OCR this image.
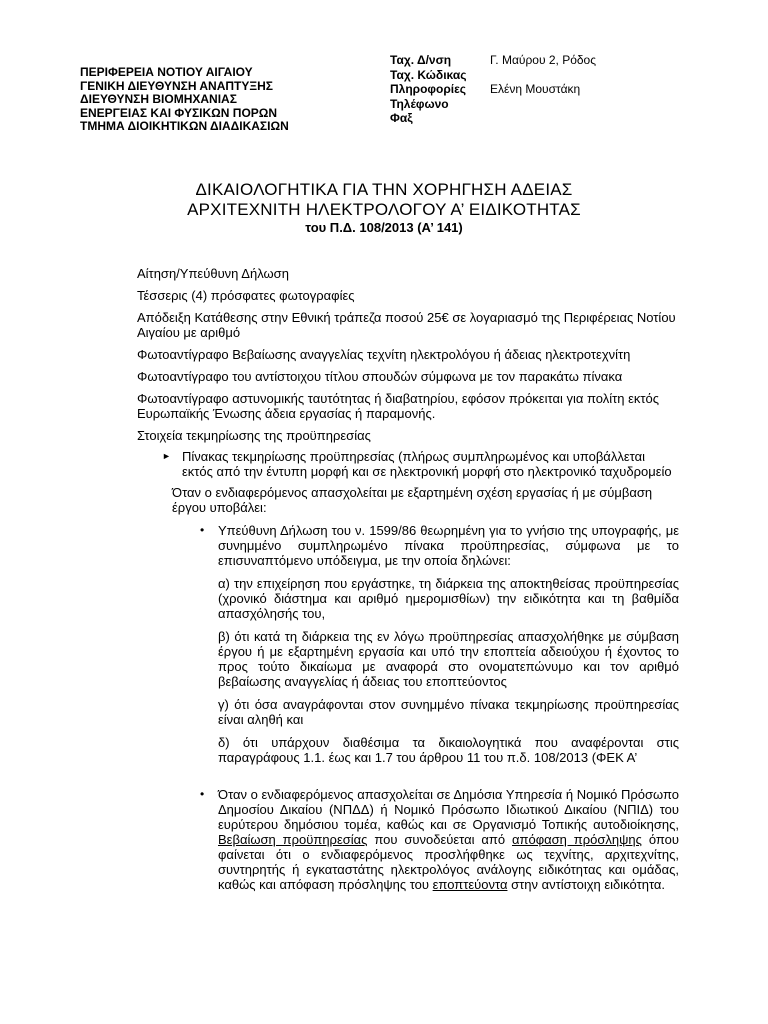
ΠΕΡΙΦΕΡΕΙΑ ΝΟΤΙΟΥ ΑΙΓΑΙΟΥ
ΓΕΝΙΚΗ ΔΙΕΥΘΥΝΣΗ ΑΝΑΠΤΥΞΗΣ
ΔΙΕΥΘΥΝΣΗ ΒΙΟΜΗΧΑΝΙΑΣ
ΕΝΕΡΓΕΙΑΣ ΚΑΙ ΦΥΣΙΚΩΝ ΠΟΡΩΝ
ΤΜΗΜΑ ΔΙΟΙΚΗΤΙΚΩΝ ΔΙΑΔΙΚΑΣΙΩΝ
Ταχ. Δ/νση	Γ. Μαύρου 2, Ρόδος
Ταχ. Κώδικας
Πληροφορίες	Ελένη Μουστάκη
Τηλέφωνο
Φαξ
ΔΙΚΑΙΟΛΟΓΗΤΙΚΑ ΓΙΑ ΤΗΝ ΧΟΡΗΓΗΣΗ ΑΔΕΙΑΣ
ΑΡΧΙΤΕΧΝΙΤΗ ΗΛΕΚΤΡΟΛΟΓΟΥ Α’ ΕΙΔΙΚΟΤΗΤΑΣ
του Π.Δ. 108/2013 (Α’ 141)

Αίτηση/Υπεύθυνη Δήλωση

Τέσσερις (4) πρόσφατες φωτογραφίες

Απόδειξη Κατάθεσης στην Εθνική τράπεζα ποσού 25€ σε λογαριασμό της Περιφέρειας Νοτίου Αιγαίου με αριθμό

Φωτοαντίγραφο Βεβαίωσης αναγγελίας τεχνίτη ηλεκτρολόγου ή άδειας ηλεκτροτεχνίτη

Φωτοαντίγραφο του αντίστοιχου τίτλου σπουδών σύμφωνα με τον παρακάτω πίνακα

Φωτοαντίγραφο αστυνομικής ταυτότητας ή διαβατηρίου, εφόσον πρόκειται για πολίτη εκτός Ευρωπαϊκής Ένωσης άδεια εργασίας ή παραμονής.

Στοιχεία τεκμηρίωσης της προϋπηρεσίας

► Πίνακας τεκμηρίωσης προϋπηρεσίας (πλήρως συμπληρωμένος και υποβάλλεται εκτός από την έντυπη μορφή και σε ηλεκτρονική μορφή στο ηλεκτρονικό ταχυδρομείο
Όταν ο ενδιαφερόμενος απασχολείται με εξαρτημένη σχέση εργασίας ή με σύμβαση έργου υποβάλει:
• Υπεύθυνη Δήλωση του ν. 1599/86 θεωρημένη για το γνήσιο της υπογραφής, με συνημμένο συμπληρωμένο πίνακα προϋπηρεσίας, σύμφωνα με το επισυναπτόμενο υπόδειγμα, με την οποία δηλώνει:

α) την επιχείρηση που εργάστηκε, τη διάρκεια της αποκτηθείσας προϋπηρεσίας (χρονικό διάστημα και αριθμό ημερομισθίων) την ειδικότητα και τη βαθμίδα απασχόλησής του,

β) ότι κατά τη διάρκεια της εν λόγω προϋπηρεσίας απασχολήθηκε με σύμβαση έργου ή με εξαρτημένη εργασία και υπό την εποπτεία αδειούχου ή έχοντος το προς τούτο δικαίωμα με αναφορά στο ονοματεπώνυμο και τον αριθμό βεβαίωσης αναγγελίας ή άδειας του εποπτεύοντος

γ) ότι όσα αναγράφονται στον συνημμένο πίνακα τεκμηρίωσης προϋπηρεσίας είναι αληθή και

δ) ότι υπάρχουν διαθέσιμα τα δικαιολογητικά που αναφέρονται στις παραγράφους 1.1. έως και 1.7 του άρθρου 11 του π.δ. 108/2013 (ΦΕΚ Α’

• Όταν ο ενδιαφερόμενος απασχολείται σε Δημόσια Υπηρεσία ή Νομικό Πρόσωπο Δημοσίου Δικαίου (ΝΠΔΔ) ή Νομικό Πρόσωπο Ιδιωτικού Δικαίου (ΝΠΙΔ) του ευρύτερου δημόσιου τομέα, καθώς και σε Οργανισμό Τοπικής αυτοδιοίκησης, Βεβαίωση προϋπηρεσίας που συνοδεύεται από απόφαση πρόσληψης όπου φαίνεται ότι ο ενδιαφερόμενος προσλήφθηκε ως τεχνίτης, αρχιτεχνίτης, συντηρητής ή εγκαταστάτης ηλεκτρολόγος ανάλογης ειδικότητας και ομάδας, καθώς και απόφαση πρόσληψης του εποπτεύοντα στην αντίστοιχη ειδικότητα.
